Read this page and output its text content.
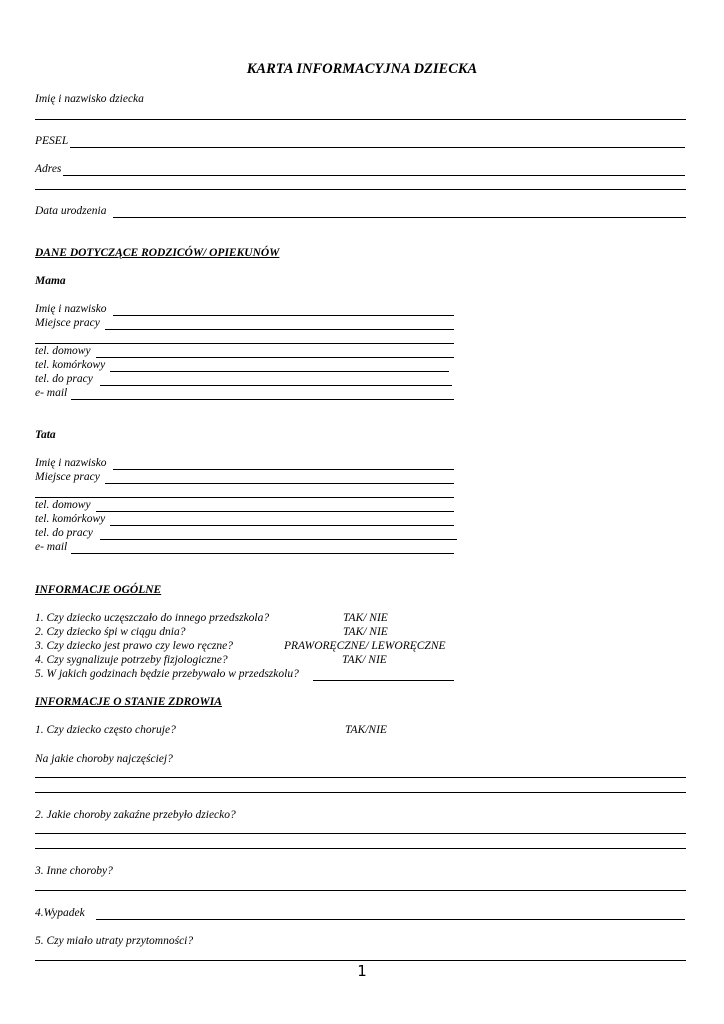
KARTA INFORMACYJNA DZIECKA
Imię i nazwisko dziecka
PESEL
Adres
Data urodzenia
DANE DOTYCZĄCE RODZICÓW/ OPIEKUNÓW
Mama
Imię i nazwisko
Miejsce pracy
tel. domowy
tel. komórkowy
tel. do pracy
e- mail
Tata
Imię i nazwisko
Miejsce pracy
tel. domowy
tel. komórkowy
tel. do pracy
e- mail
INFORMACJE OGÓLNE
1. Czy dziecko uczęszczało do innego przedszkola?	TAK/ NIE
2. Czy dziecko śpi w ciągu dnia?	TAK/ NIE
3. Czy dziecko jest prawo czy lewo ręczne?	PRAWORĘCZNE/ LEWORĘCZNE
4. Czy sygnalizuje potrzeby fizjologiczne?	TAK/ NIE
5. W jakich godzinach będzie przebywało w przedszkolu?
INFORMACJE O STANIE ZDROWIA
1. Czy dziecko często choruje?	TAK/NIE
Na jakie choroby najczęściej?
2. Jakie choroby zakaźne przebyło dziecko?
3. Inne choroby?
4.Wypadek
5. Czy miało utraty przytomności?
1
